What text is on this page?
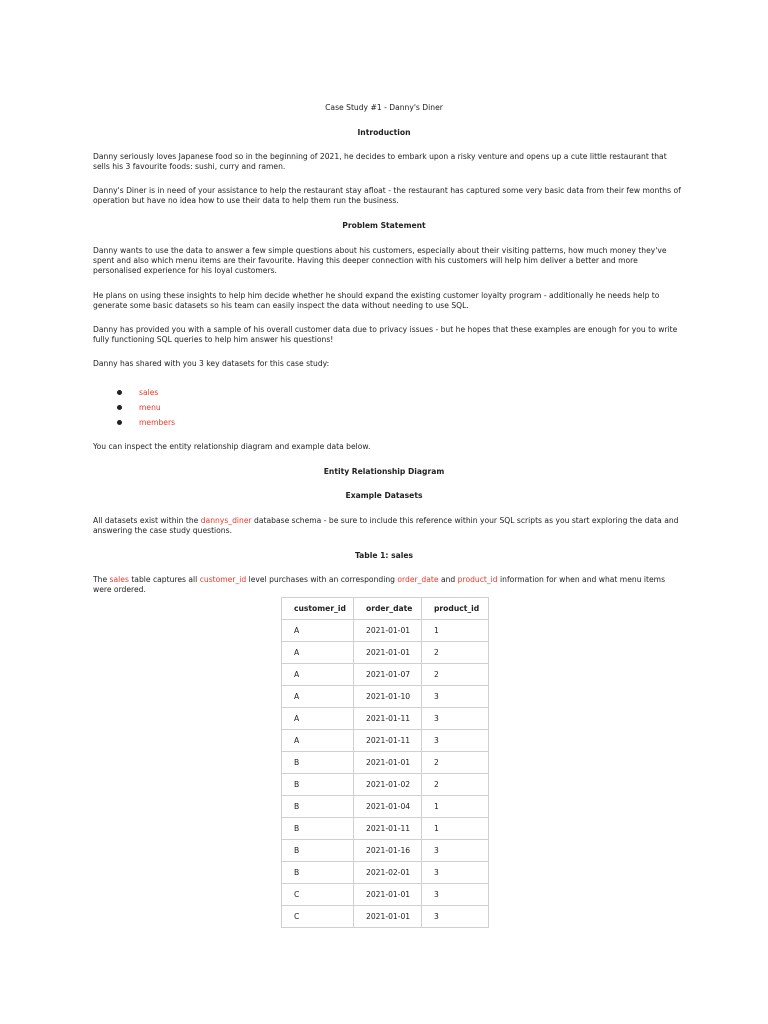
Case Study #1 - Danny's Diner
Introduction
Danny seriously loves Japanese food so in the beginning of 2021, he decides to embark upon a risky venture and opens up a cute little restaurant that sells his 3 favourite foods: sushi, curry and ramen.
Danny's Diner is in need of your assistance to help the restaurant stay afloat - the restaurant has captured some very basic data from their few months of operation but have no idea how to use their data to help them run the business.
Problem Statement
Danny wants to use the data to answer a few simple questions about his customers, especially about their visiting patterns, how much money they've spent and also which menu items are their favourite. Having this deeper connection with his customers will help him deliver a better and more personalised experience for his loyal customers.
He plans on using these insights to help him decide whether he should expand the existing customer loyalty program - additionally he needs help to generate some basic datasets so his team can easily inspect the data without needing to use SQL.
Danny has provided you with a sample of his overall customer data due to privacy issues - but he hopes that these examples are enough for you to write fully functioning SQL queries to help him answer his questions!
Danny has shared with you 3 key datasets for this case study:
sales
menu
members
You can inspect the entity relationship diagram and example data below.
Entity Relationship Diagram
Example Datasets
All datasets exist within the dannys_diner database schema - be sure to include this reference within your SQL scripts as you start exploring the data and answering the case study questions.
Table 1: sales
The sales table captures all customer_id level purchases with an corresponding order_date and product_id information for when and what menu items were ordered.
customer_id	order_date	product_id
A	2021-01-01	1
A	2021-01-01	2
A	2021-01-07	2
A	2021-01-10	3
A	2021-01-11	3
A	2021-01-11	3
B	2021-01-01	2
B	2021-01-02	2
B	2021-01-04	1
B	2021-01-11	1
B	2021-01-16	3
B	2021-02-01	3
C	2021-01-01	3
C	2021-01-01	3
